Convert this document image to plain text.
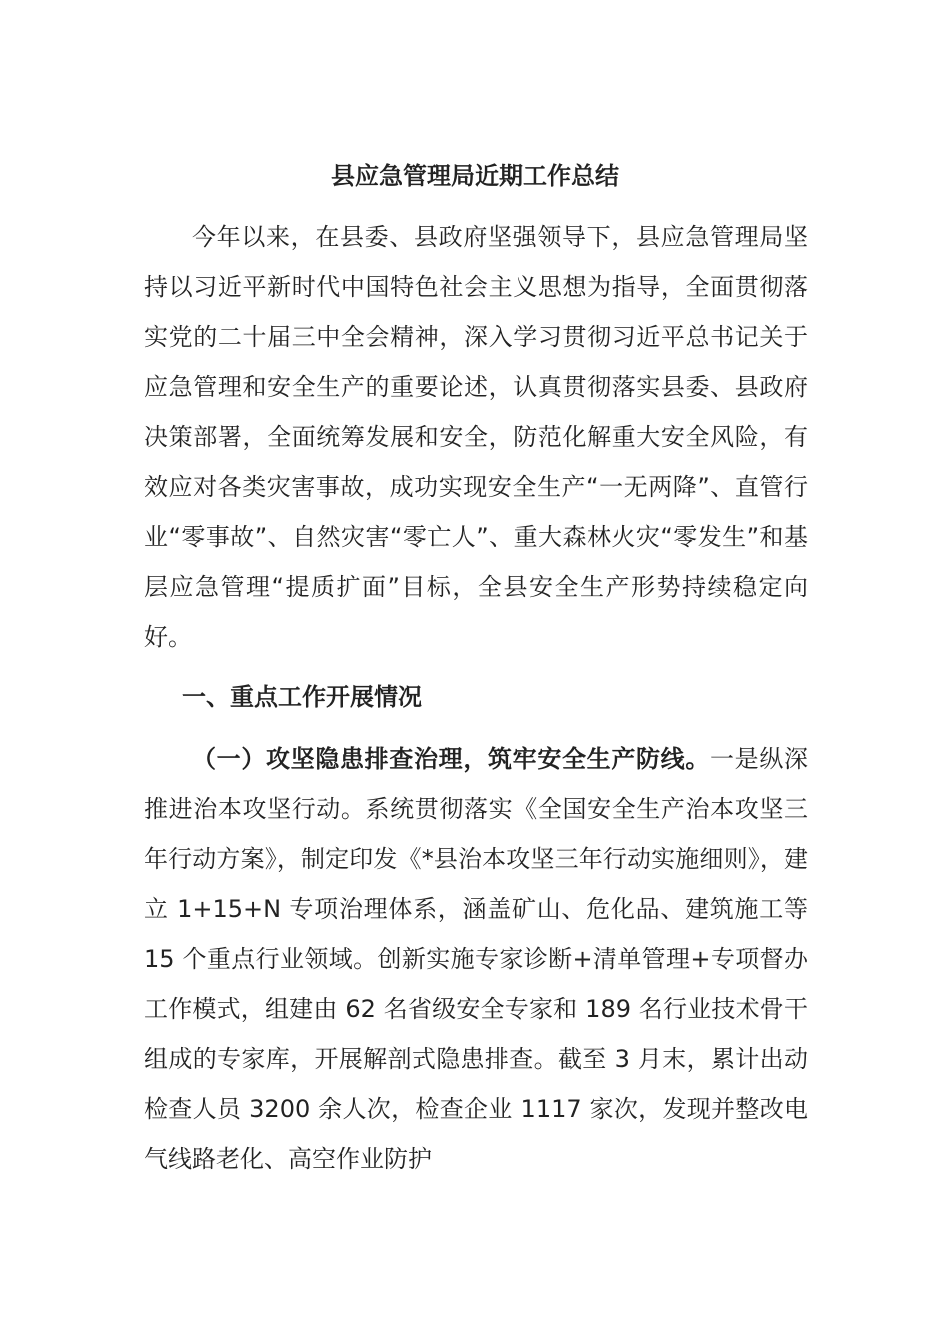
县应急管理局近期工作总结

今年以来，在县委、县政府坚强领导下，县应急管理局坚持以习近平新时代中国特色社会主义思想为指导，全面贯彻落实党的二十届三中全会精神，深入学习贯彻习近平总书记关于应急管理和安全生产的重要论述，认真贯彻落实县委、县政府决策部署，全面统筹发展和安全，防范化解重大安全风险，有效应对各类灾害事故，成功实现安全生产“一无两降”、直管行业“零事故”、自然灾害“零亡人”、重大森林火灾“零发生”和基层应急管理“提质扩面”目标，全县安全生产形势持续稳定向好。

一、重点工作开展情况

（一）攻坚隐患排查治理，筑牢安全生产防线。一是纵深推进治本攻坚行动。系统贯彻落实《全国安全生产治本攻坚三年行动方案》，制定印发《*县治本攻坚三年行动实施细则》，建立 1+15+N 专项治理体系，涵盖矿山、危化品、建筑施工等 15 个重点行业领域。创新实施专家诊断+清单管理+专项督办工作模式，组建由 62 名省级安全专家和 189 名行业技术骨干组成的专家库，开展解剖式隐患排查。截至 3 月末，累计出动检查人员 3200 余人次，检查企业 1117 家次，发现并整改电气线路老化、高空作业防护
